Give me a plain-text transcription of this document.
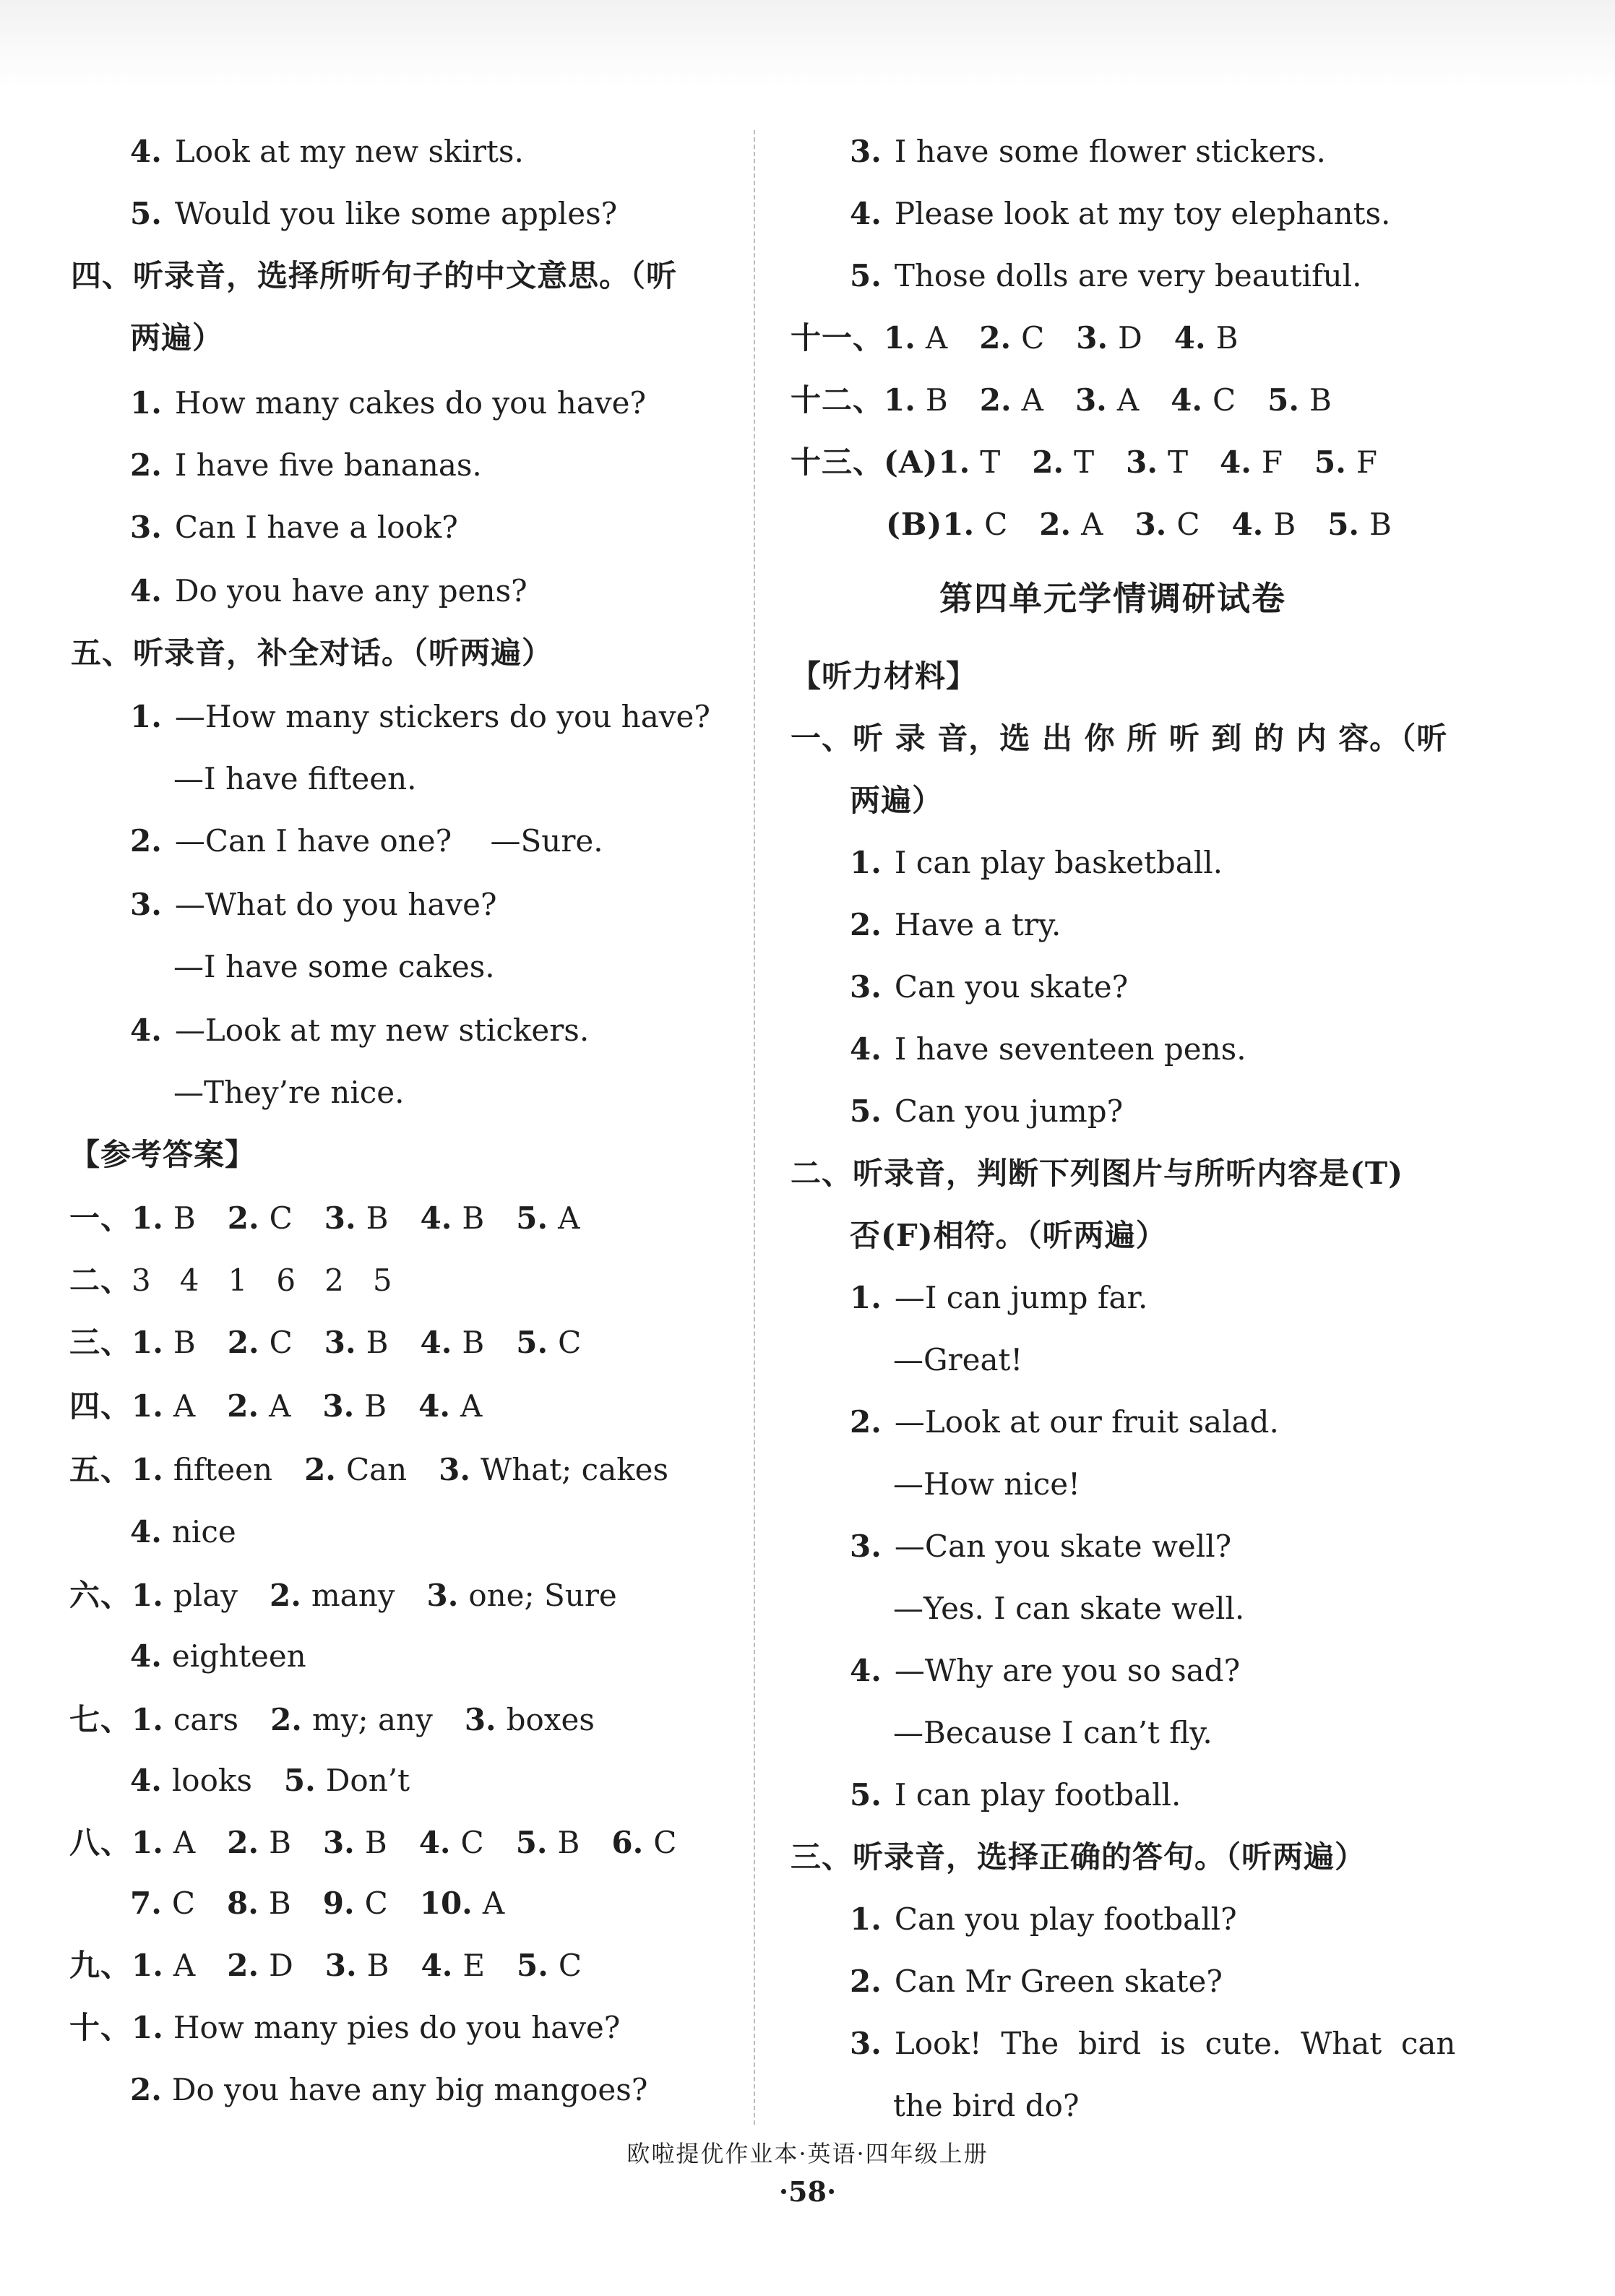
4. Look at my new skirts.
5. Would you like some apples?
四、听录音，选择所听句子的中文意思。（听
两遍）
1. How many cakes do you have?
2. I have five bananas.
3. Can I have a look?
4. Do you have any pens?
五、听录音，补全对话。（听两遍）
1. —How many stickers do you have?
—I have fifteen.
2. —Can I have one?    —Sure.
3. —What do you have?
—I have some cakes.
4. —Look at my new stickers.
—They’re nice.
【参考答案】
一、1. B 2. C 3. B 4. B 5. A
二、3   4   1   6   2   5
三、1. B 2. C 3. B 4. B 5. C
四、1. A 2. A 3. B 4. A
五、1. fifteen 2. Can 3. What; cakes
4. nice
六、1. play 2. many 3. one; Sure
4. eighteen
七、1. cars 2. my; any 3. boxes
4. looks 5. Don’t
八、1. A 2. B 3. B 4. C 5. B 6. C
7. C 8. B 9. C 10. A
九、1. A 2. D 3. B 4. E 5. C
十、1. How many pies do you have?
2. Do you have any big mangoes?
3. I have some flower stickers.
4. Please look at my toy elephants.
5. Those dolls are very beautiful.
十一、1. A 2. C 3. D 4. B
十二、1. B 2. A 3. A 4. C 5. B
十三、(A)1. T 2. T 3. T 4. F 5. F
(B)1. C 2. A 3. C 4. B 5. B
第四单元学情调研试卷
【听力材料】
一、听 录 音，选 出 你 所 听 到 的 内 容。（听
两遍）
1. I can play basketball.
2. Have a try.
3. Can you skate?
4. I have seventeen pens.
5. Can you jump?
二、听录音，判断下列图片与所听内容是(T)
否(F)相符。（听两遍）
1. —I can jump far.
—Great!
2. —Look at our fruit salad.
—How nice!
3. —Can you skate well?
—Yes. I can skate well.
4. —Why are you so sad?
—Because I can’t fly.
5. I can play football.
三、听录音，选择正确的答句。（听两遍）
1. Can you play football?
2. Can Mr Green skate?
3. Look!  The  bird  is  cute.  What  can
the bird do?
欧啦提优作业本·英语·四年级上册
·58·
